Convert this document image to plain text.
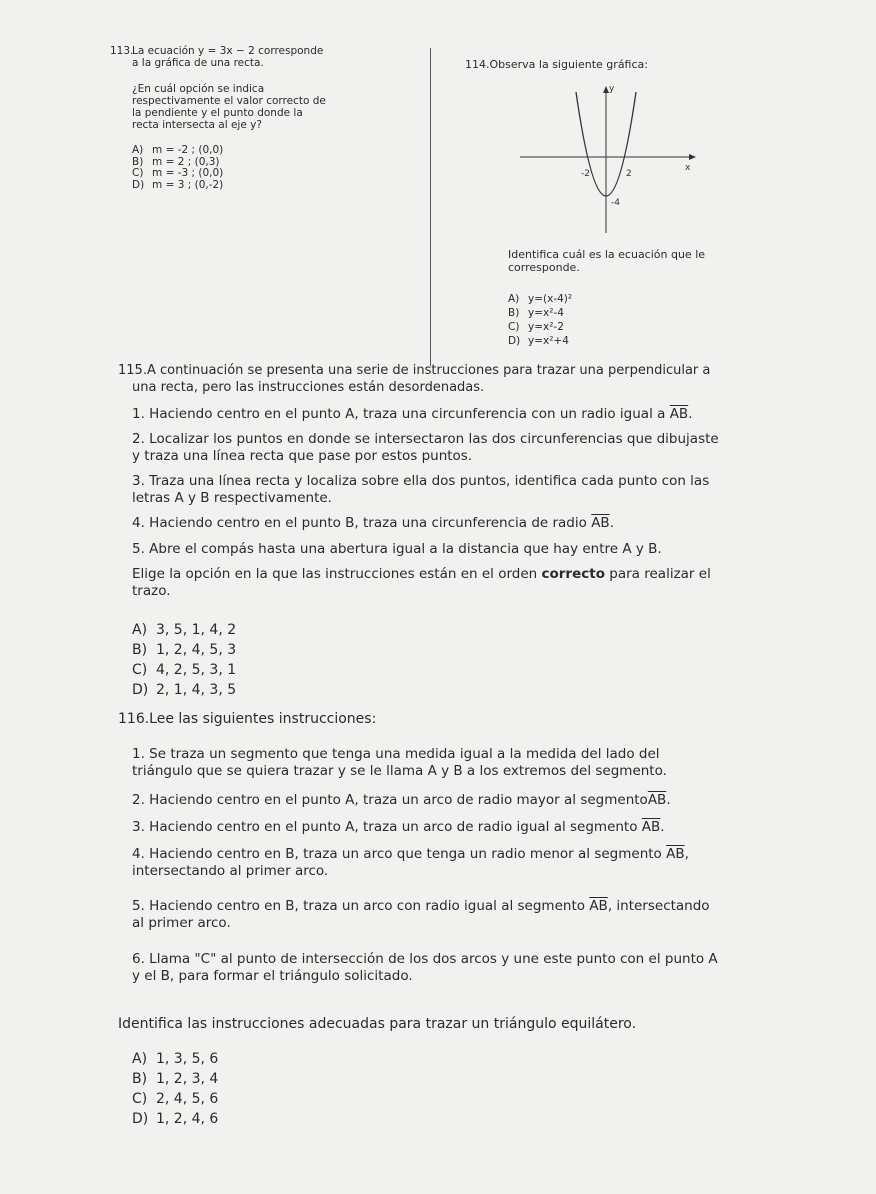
113.
La ecuación y = 3x − 2 corresponde
a la gráfica de una recta.
¿En cuál opción se indica
respectivamente el valor correcto de
la pendiente y el punto donde la
recta intersecta al eje y?
A) m = -2 ; (0,0)
B) m = 2 ; (0,3)
C) m = -3 ; (0,0)
D) m = 3 ; (0,-2)
114.Observa la siguiente gráfica:
y
x
-2	2
-4
Identifica cuál es la ecuación que le
corresponde.
A) y=(x-4)²
B) y=x²-4
C) y=x²-2
D) y=x²+4
115.A continuación se presenta una serie de instrucciones para trazar una perpendicular a
una recta, pero las instrucciones están desordenadas.
1. Haciendo centro en el punto A, traza una circunferencia con un radio igual a $\overline{AB}$.
2. Localizar los puntos en donde se intersectaron las dos circunferencias que dibujaste
y traza una línea recta que pase por estos puntos.
3. Traza una línea recta y localiza sobre ella dos puntos, identifica cada punto con las
letras A y B respectivamente.
4. Haciendo centro en el punto B, traza una circunferencia de radio $\overline{AB}$.
5. Abre el compás hasta una abertura igual a la distancia que hay entre A y B.
Elige la opción en la que las instrucciones están en el orden correcto para realizar el
trazo.
A) 3, 5, 1, 4, 2
B) 1, 2, 4, 5, 3
C) 4, 2, 5, 3, 1
D) 2, 1, 4, 3, 5
116.Lee las siguientes instrucciones:
1. Se traza un segmento que tenga una medida igual a la medida del lado del
triángulo que se quiera trazar y se le llama A y B a los extremos del segmento.
2. Haciendo centro en el punto A, traza un arco de radio mayor al $segmento\overline{AB}$.
3. Haciendo centro en el punto A, traza un arco de radio igual al segmento $\overline{AB}$.
4. Haciendo centro en B, traza un arco que tenga un radio menor al segmento $\overline{AB}$,
intersectando al primer arco.
5. Haciendo centro en B, traza un arco con radio igual al segmento $\overline{AB}$, intersectando
al primer arco.
6. Llama "C" al punto de intersección de los dos arcos y une este punto con el punto A
y el B, para formar el triángulo solicitado.
Identifica las instrucciones adecuadas para trazar un triángulo equilátero.
A) 1, 3, 5, 6
B) 1, 2, 3, 4
C) 2, 4, 5, 6
D) 1, 2, 4, 6
